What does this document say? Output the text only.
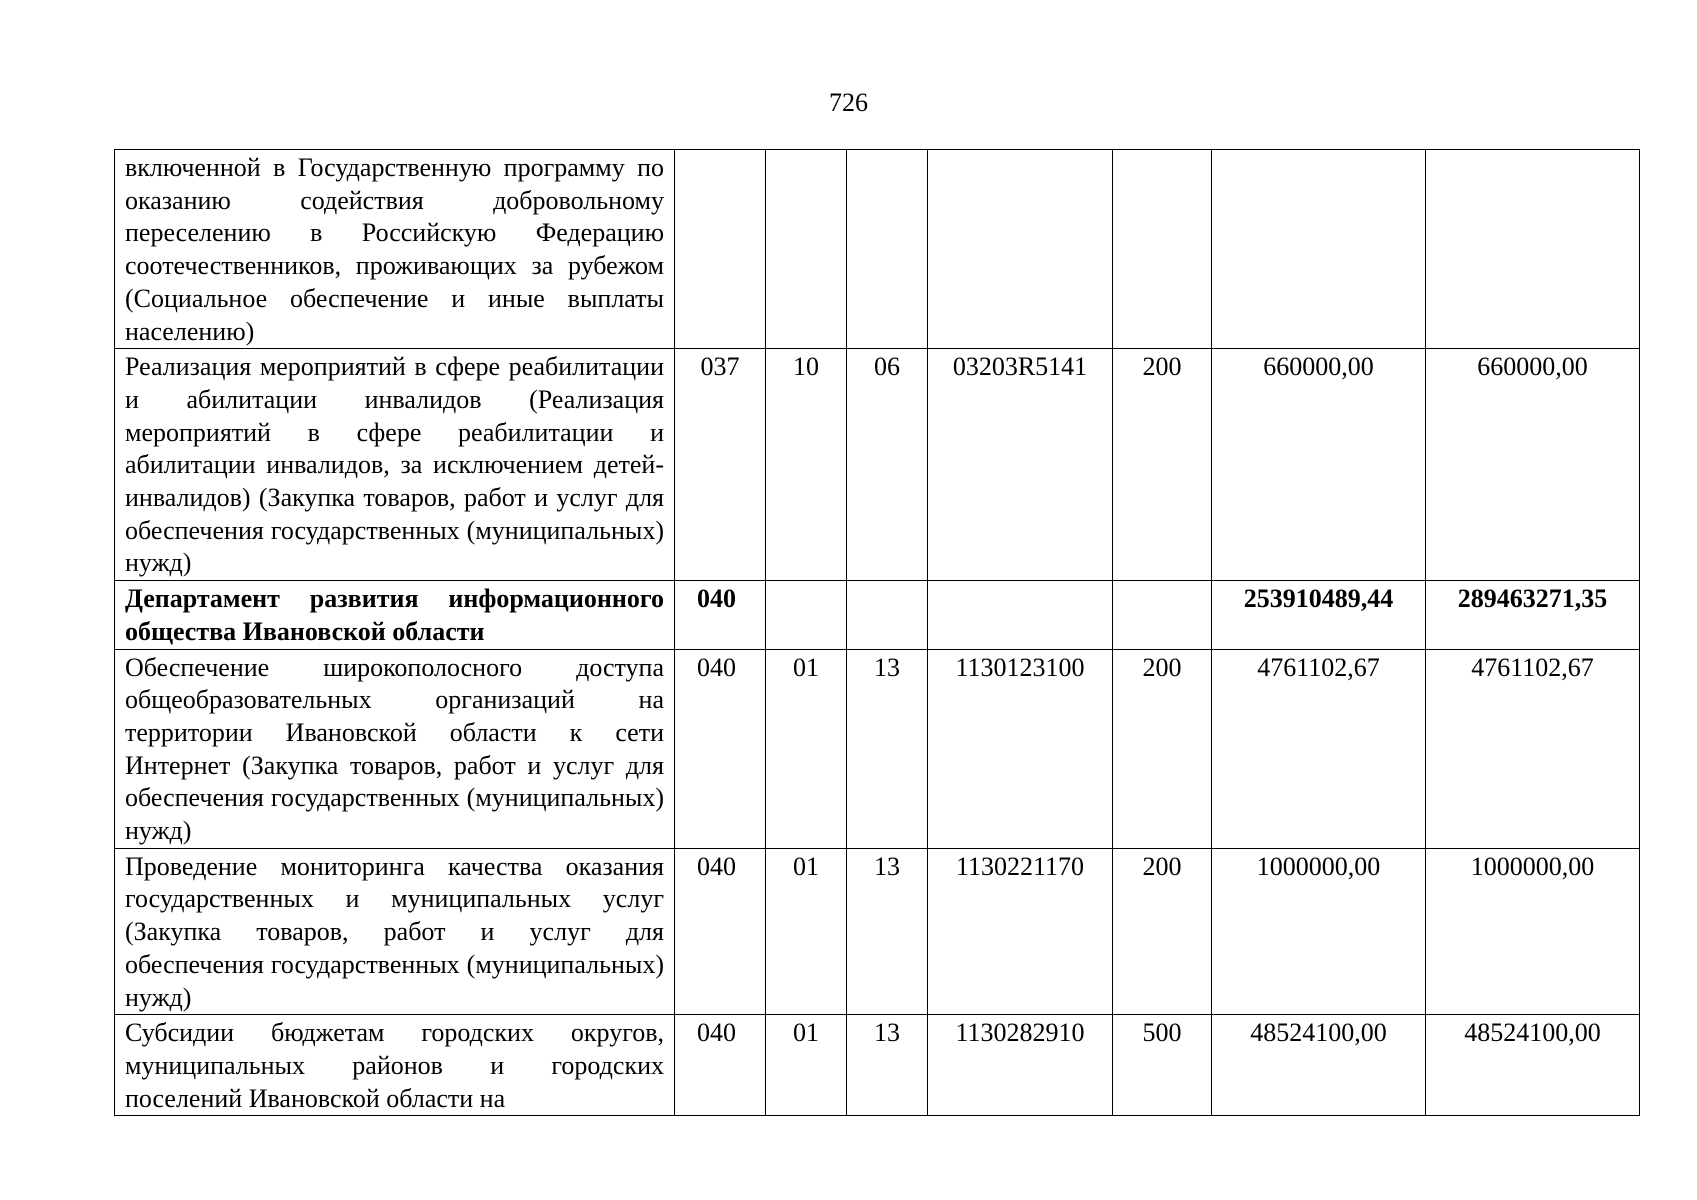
726
включенной в Государственную программу по оказанию содействия добровольному переселению в Российскую Федерацию соотечественников, проживающих за рубежом (Социальное обеспечение и иные выплаты населению)							
Реализация мероприятий в сфере реабилитации и абилитации инвалидов (Реализация мероприятий в сфере реабилитации и абилитации инвалидов, за исключением детей-инвалидов) (Закупка товаров, работ и услуг для обеспечения государственных (муниципальных) нужд)	037	10	06	03203R5141	200	660000,00	660000,00
Департамент развития информационного общества Ивановской области	040					253910489,44	289463271,35
Обеспечение широкополосного доступа общеобразовательных организаций на территории Ивановской области к сети Интернет (Закупка товаров, работ и услуг для обеспечения государственных (муниципальных) нужд)	040	01	13	1130123100	200	4761102,67	4761102,67
Проведение мониторинга качества оказания государственных и муниципальных услуг (Закупка товаров, работ и услуг для обеспечения государственных (муниципальных) нужд)	040	01	13	1130221170	200	1000000,00	1000000,00
Субсидии бюджетам городских округов, муниципальных районов и городских поселений Ивановской области на	040	01	13	1130282910	500	48524100,00	48524100,00
